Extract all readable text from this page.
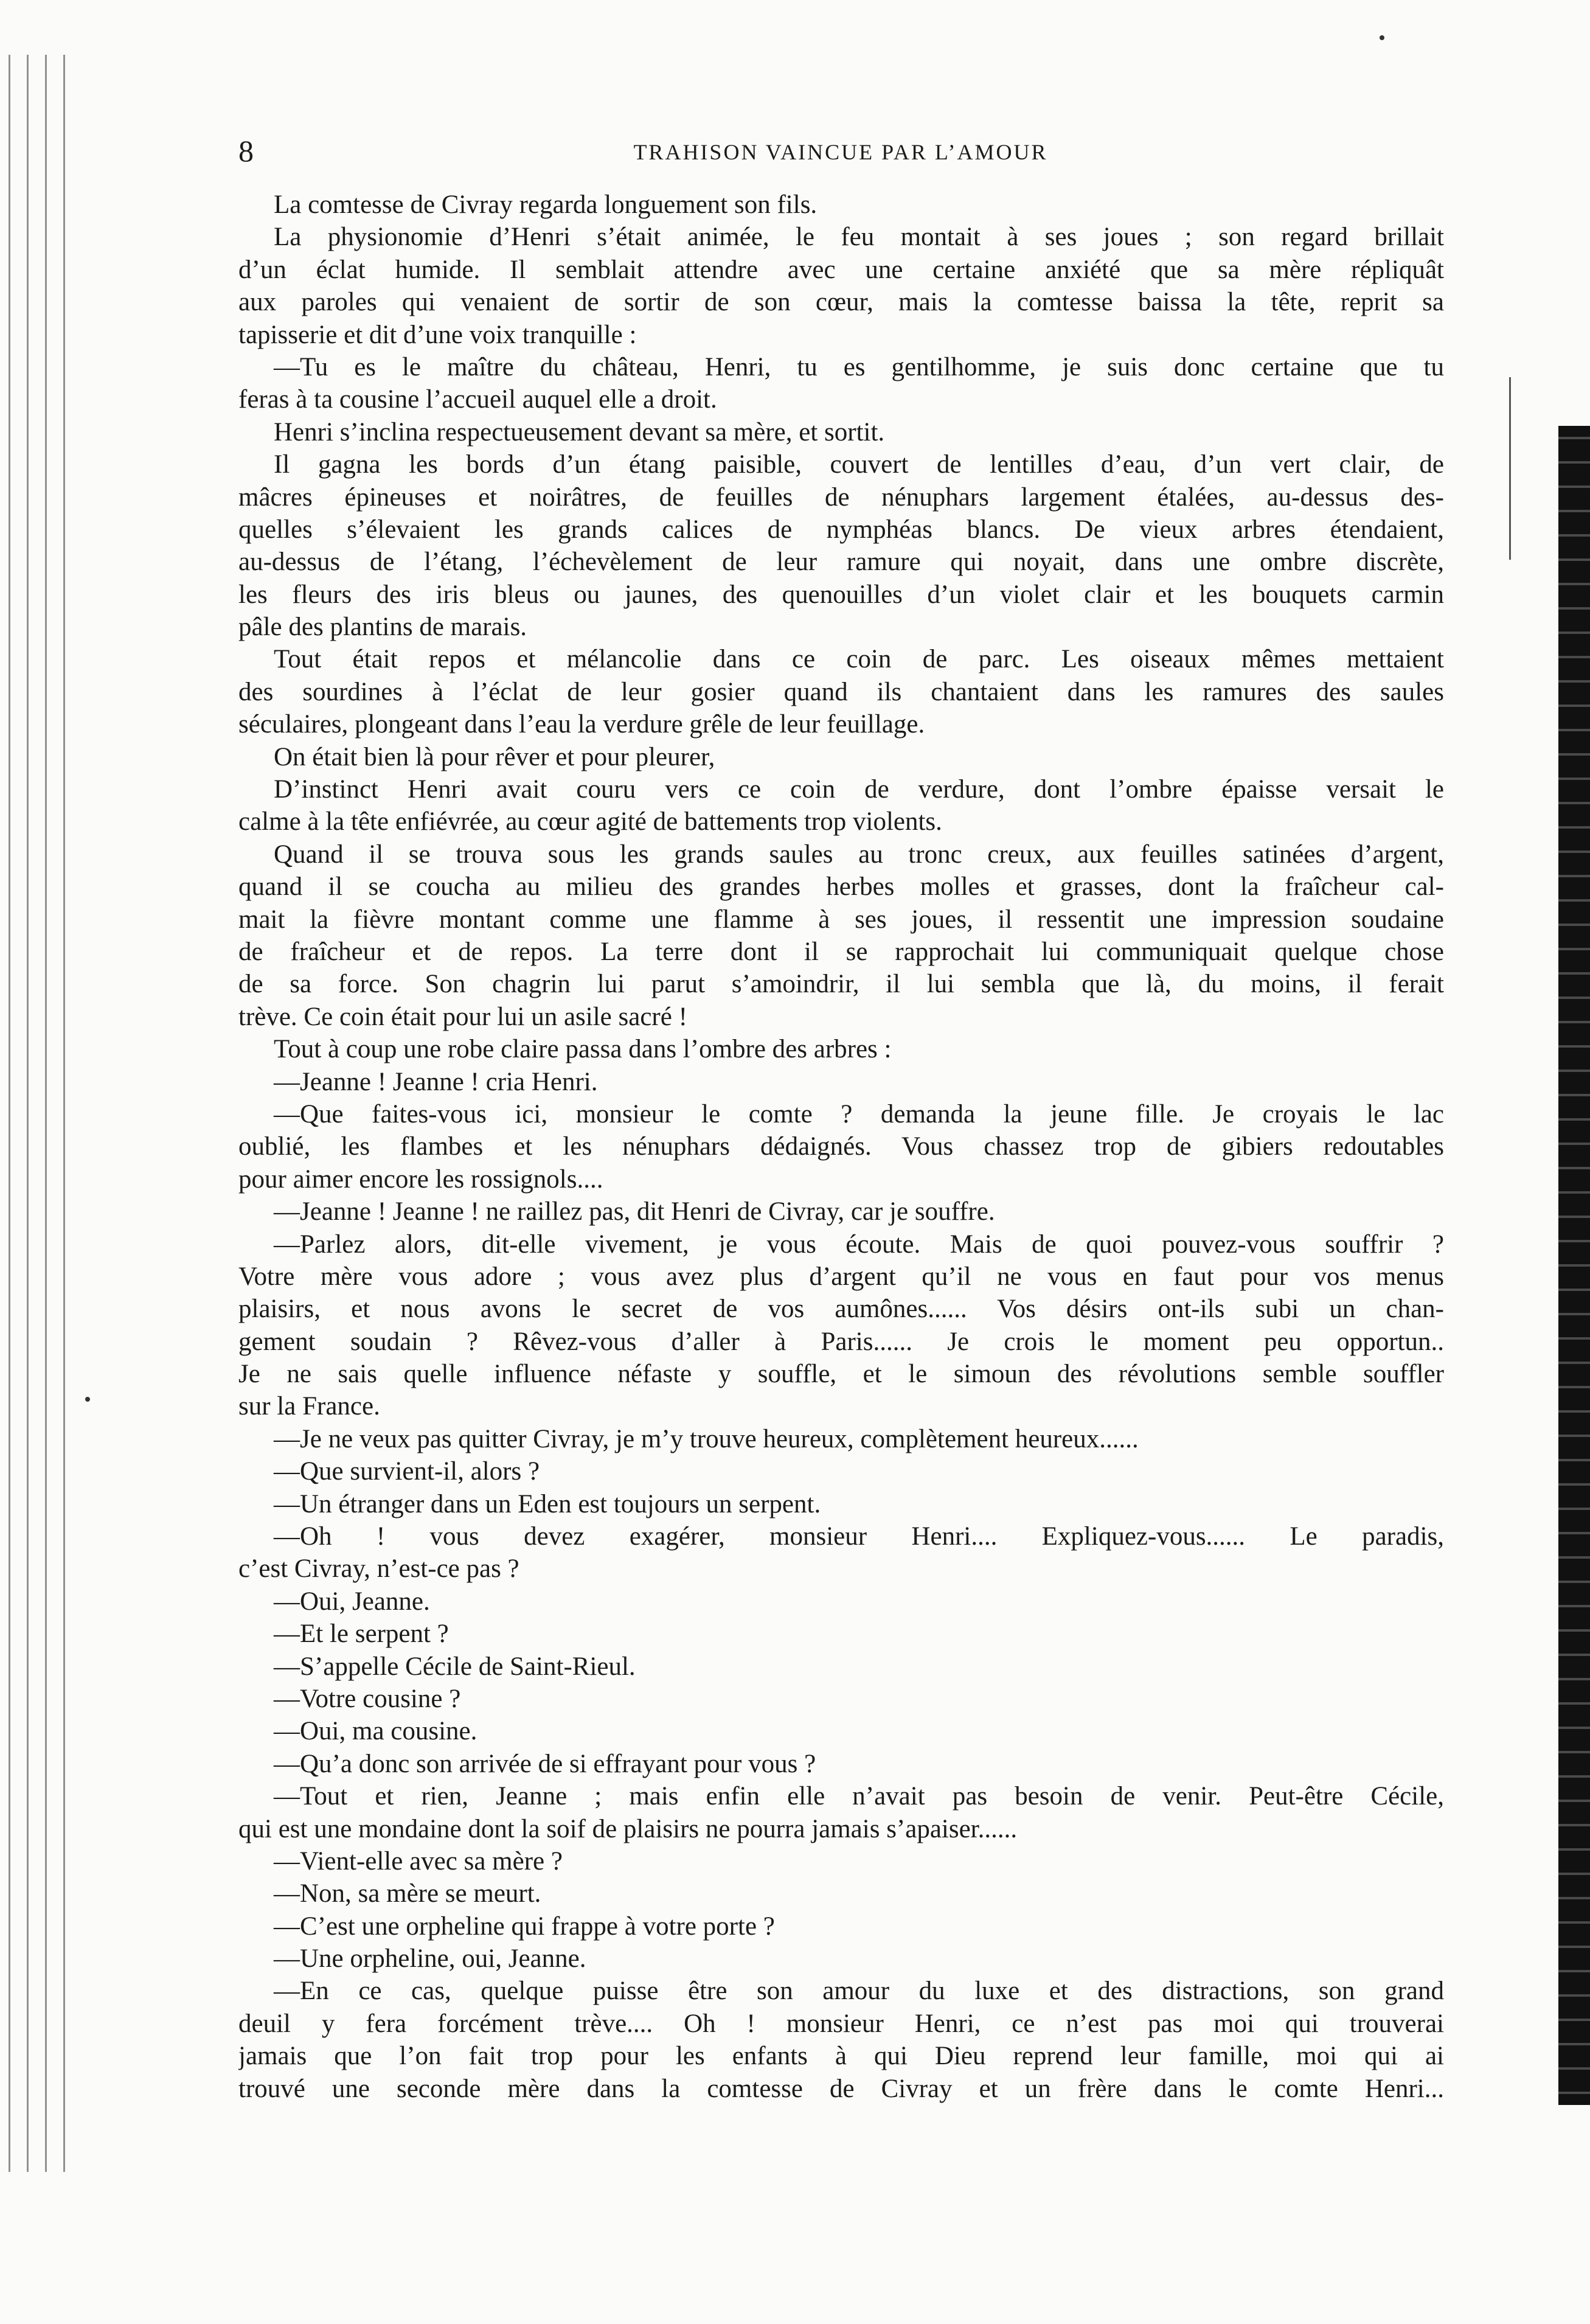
8	TRAHISON VAINCUE PAR L’AMOUR
La comtesse de Civray regarda longuement son fils.
La physionomie d’Henri s’était animée, le feu montait à ses joues ; son regard brillait
d’un éclat humide. Il semblait attendre avec une certaine anxiété que sa mère répliquât
aux paroles qui venaient de sortir de son cœur, mais la comtesse baissa la tête, reprit sa
tapisserie et dit d’une voix tranquille :
—Tu es le maître du château, Henri, tu es gentilhomme, je suis donc certaine que tu
feras à ta cousine l’accueil auquel elle a droit.
Henri s’inclina respectueusement devant sa mère, et sortit.
Il gagna les bords d’un étang paisible, couvert de lentilles d’eau, d’un vert clair, de
mâcres épineuses et noirâtres, de feuilles de nénuphars largement étalées, au-dessus des-
quelles s’élevaient les grands calices de nymphéas blancs. De vieux arbres étendaient,
au-dessus de l’étang, l’échevèlement de leur ramure qui noyait, dans une ombre discrète,
les fleurs des iris bleus ou jaunes, des quenouilles d’un violet clair et les bouquets carmin
pâle des plantins de marais.
Tout était repos et mélancolie dans ce coin de parc. Les oiseaux mêmes mettaient
des sourdines à l’éclat de leur gosier quand ils chantaient dans les ramures des saules
séculaires, plongeant dans l’eau la verdure grêle de leur feuillage.
On était bien là pour rêver et pour pleurer,
D’instinct Henri avait couru vers ce coin de verdure, dont l’ombre épaisse versait le
calme à la tête enfiévrée, au cœur agité de battements trop violents.
Quand il se trouva sous les grands saules au tronc creux, aux feuilles satinées d’argent,
quand il se coucha au milieu des grandes herbes molles et grasses, dont la fraîcheur cal-
mait la fièvre montant comme une flamme à ses joues, il ressentit une impression soudaine
de fraîcheur et de repos. La terre dont il se rapprochait lui communiquait quelque chose
de sa force. Son chagrin lui parut s’amoindrir, il lui sembla que là, du moins, il ferait
trève. Ce coin était pour lui un asile sacré !
Tout à coup une robe claire passa dans l’ombre des arbres :
—Jeanne ! Jeanne ! cria Henri.
—Que faites-vous ici, monsieur le comte ? demanda la jeune fille. Je croyais le lac
oublié, les flambes et les nénuphars dédaignés. Vous chassez trop de gibiers redoutables
pour aimer encore les rossignols....
—Jeanne ! Jeanne ! ne raillez pas, dit Henri de Civray, car je souffre.
—Parlez alors, dit-elle vivement, je vous écoute. Mais de quoi pouvez-vous souffrir ?
Votre mère vous adore ; vous avez plus d’argent qu’il ne vous en faut pour vos menus
plaisirs, et nous avons le secret de vos aumônes...... Vos désirs ont-ils subi un chan-
gement soudain ? Rêvez-vous d’aller à Paris...... Je crois le moment peu opportun..
Je ne sais quelle influence néfaste y souffle, et le simoun des révolutions semble souffler
sur la France.
—Je ne veux pas quitter Civray, je m’y trouve heureux, complètement heureux......
—Que survient-il, alors ?
—Un étranger dans un Eden est toujours un serpent.
—Oh ! vous devez exagérer, monsieur Henri.... Expliquez-vous...... Le paradis,
c’est Civray, n’est-ce pas ?
—Oui, Jeanne.
—Et le serpent ?
—S’appelle Cécile de Saint-Rieul.
—Votre cousine ?
—Oui, ma cousine.
—Qu’a donc son arrivée de si effrayant pour vous ?
—Tout et rien, Jeanne ; mais enfin elle n’avait pas besoin de venir. Peut-être Cécile,
qui est une mondaine dont la soif de plaisirs ne pourra jamais s’apaiser......
—Vient-elle avec sa mère ?
—Non, sa mère se meurt.
—C’est une orpheline qui frappe à votre porte ?
—Une orpheline, oui, Jeanne.
—En ce cas, quelque puisse être son amour du luxe et des distractions, son grand
deuil y fera forcément trève.... Oh ! monsieur Henri, ce n’est pas moi qui trouverai
jamais que l’on fait trop pour les enfants à qui Dieu reprend leur famille, moi qui ai
trouvé une seconde mère dans la comtesse de Civray et un frère dans le comte Henri...
